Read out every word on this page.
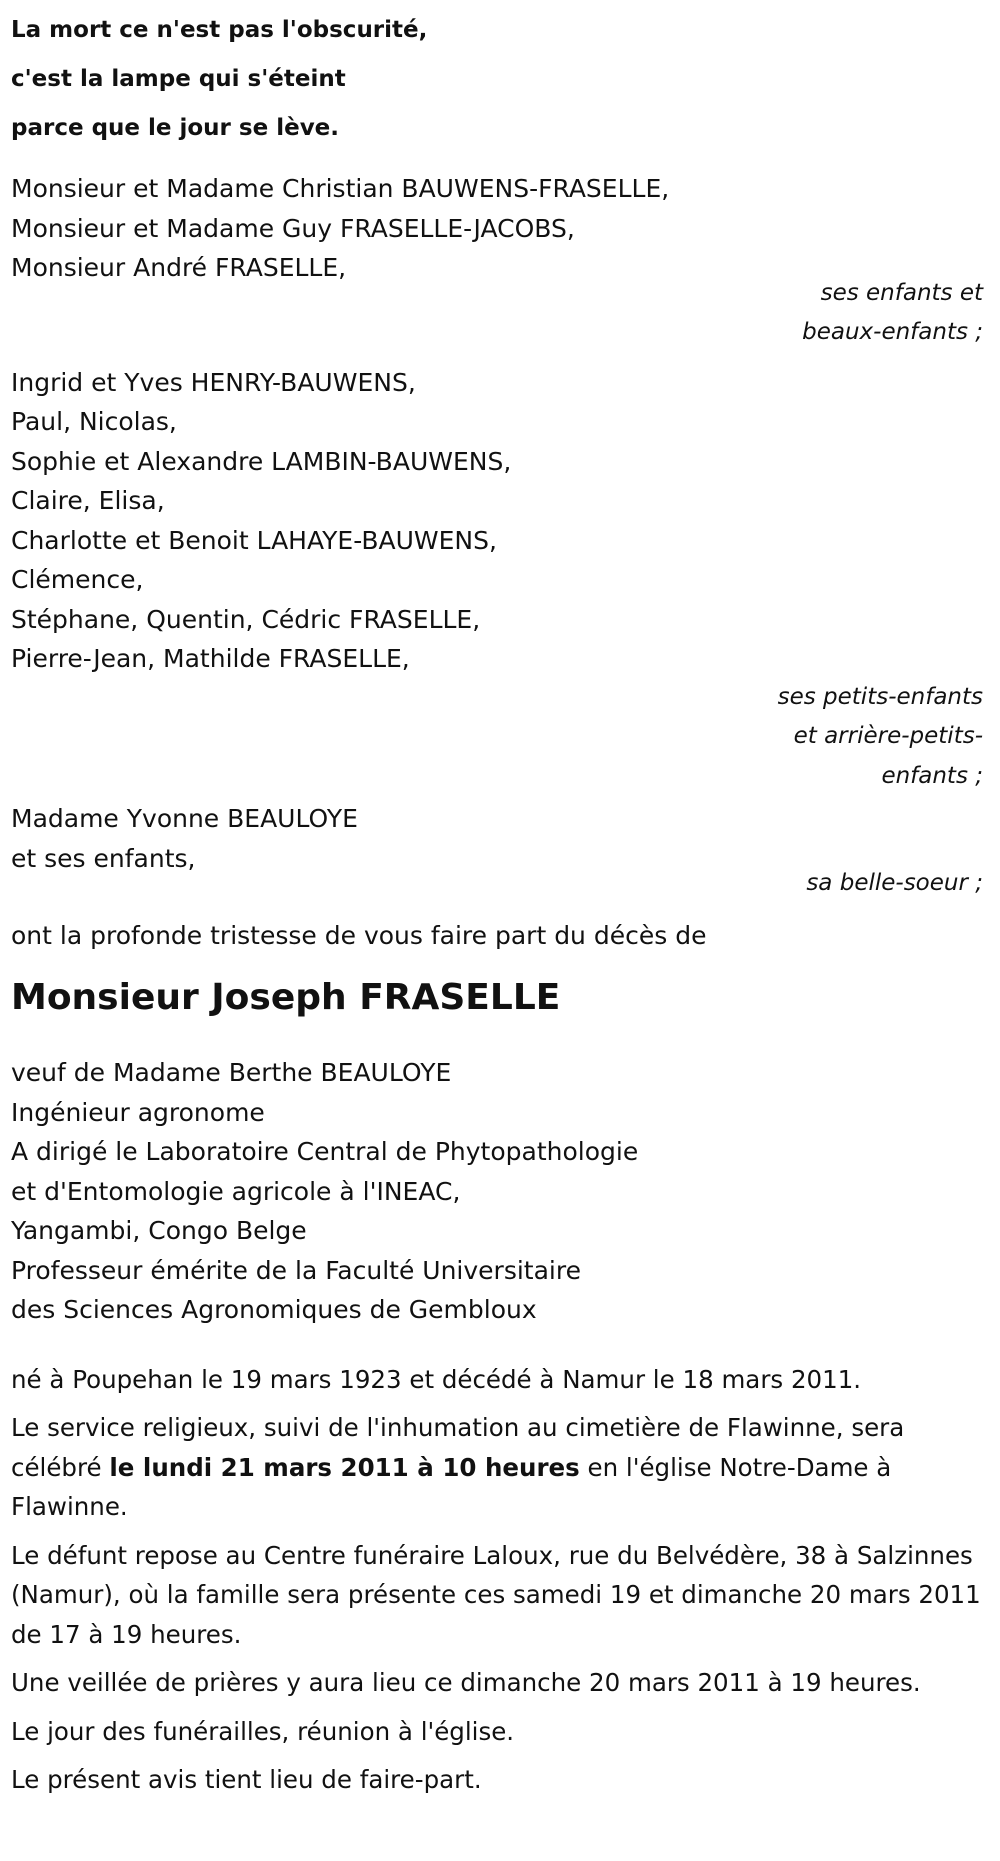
La mort ce n'est pas l'obscurité,
c'est la lampe qui s'éteint
parce que le jour se lève.
Monsieur et Madame Christian BAUWENS-FRASELLE,
Monsieur et Madame Guy FRASELLE-JACOBS,
Monsieur André FRASELLE,
ses enfants et
beaux-enfants ;
Ingrid et Yves HENRY-BAUWENS,
Paul, Nicolas,
Sophie et Alexandre LAMBIN-BAUWENS,
Claire, Elisa,
Charlotte et Benoit LAHAYE-BAUWENS,
Clémence,
Stéphane, Quentin, Cédric FRASELLE,
Pierre-Jean, Mathilde FRASELLE,
ses petits-enfants
et arrière-petits-
enfants ;
Madame Yvonne BEAULOYE
et ses enfants,
sa belle-soeur ;
ont la profonde tristesse de vous faire part du décès de
Monsieur Joseph FRASELLE
veuf de Madame Berthe BEAULOYE
Ingénieur agronome
A dirigé le Laboratoire Central de Phytopathologie
et d'Entomologie agricole à l'INEAC,
Yangambi, Congo Belge
Professeur émérite de la Faculté Universitaire
des Sciences Agronomiques de Gembloux
né à Poupehan le 19 mars 1923 et décédé à Namur le 18 mars 2011.
Le service religieux, suivi de l'inhumation au cimetière de Flawinne, sera célébré le lundi 21 mars 2011 à 10 heures en l'église Notre-Dame à Flawinne.
Le défunt repose au Centre funéraire Laloux, rue du Belvédère, 38 à Salzinnes (Namur), où la famille sera présente ces samedi 19 et dimanche 20 mars 2011 de 17 à 19 heures.
Une veillée de prières y aura lieu ce dimanche 20 mars 2011 à 19 heures.
Le jour des funérailles, réunion à l'église.
Le présent avis tient lieu de faire-part.
